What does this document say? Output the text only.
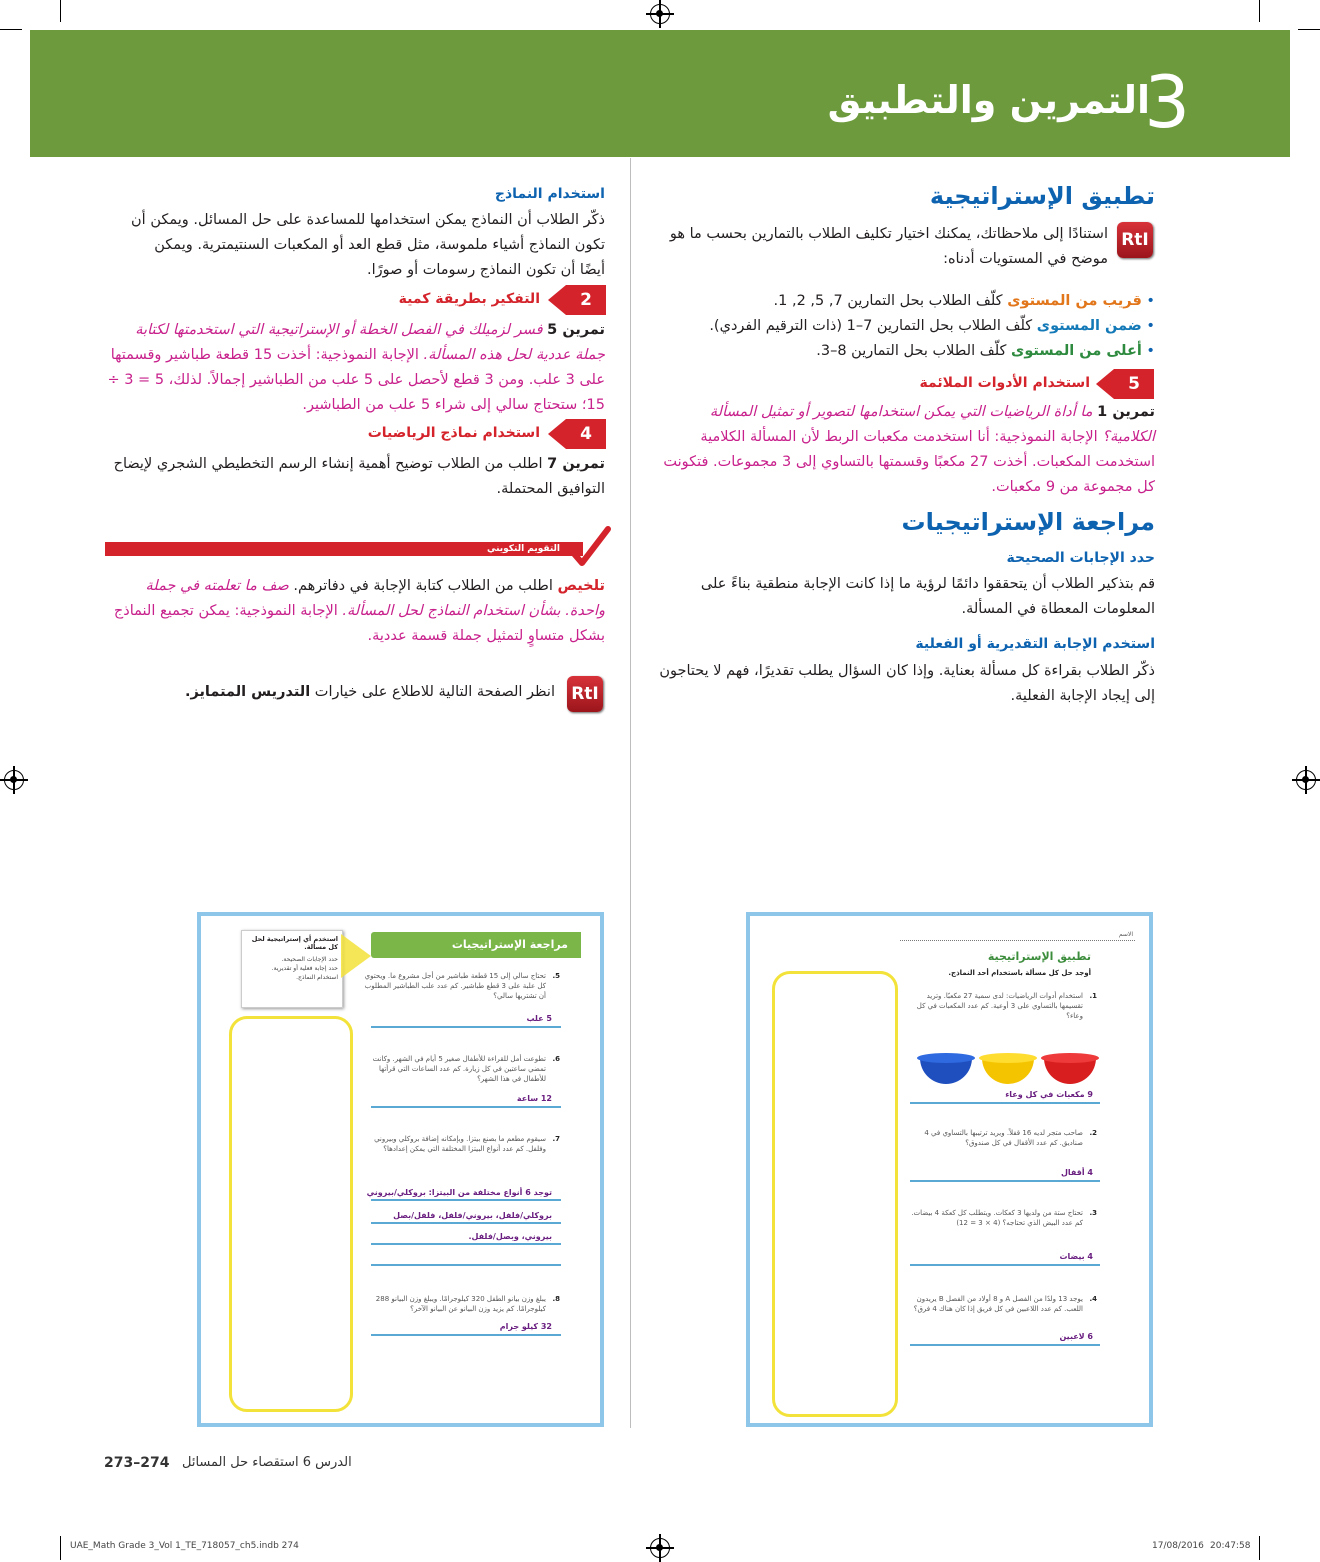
3
التمرين والتطبيق
تطبيق الإستراتيجية
RtI
استنادًا إلى ملاحظاتك، يمكنك اختيار تكليف الطلاب بالتمارين بحسب ما هو موضح في المستويات أدناه:
• قريب من المستوى كلّف الطلاب بحل التمارين 7, 5, 2, 1.
• ضمن المستوى كلّف الطلاب بحل التمارين 7–1 (ذات الترقيم الفردي).
• أعلى من المستوى كلّف الطلاب بحل التمارين 8–3.
5
استخدام الأدوات الملائمة
تمرين 1 ما أداة الرياضيات التي يمكن استخدامها لتصوير أو تمثيل المسألة الكلامية؟ الإجابة النموذجية: أنا استخدمت مكعبات الربط لأن المسألة الكلامية استخدمت المكعبات. أخذت 27 مكعبًا وقسمتها بالتساوي إلى 3 مجموعات. فتكونت كل مجموعة من 9 مكعبات.
مراجعة الإستراتيجيات
حدد الإجابات الصحيحة
قم بتذكير الطلاب أن يتحققوا دائمًا لرؤية ما إذا كانت الإجابة منطقية بناءً على المعلومات المعطاة في المسألة.
استخدم الإجابة التقديرية أو الفعلية
ذكّر الطلاب بقراءة كل مسألة بعناية. وإذا كان السؤال يطلب تقديرًا، فهم لا يحتاجون إلى إيجاد الإجابة الفعلية.
استخدام النماذج
ذكّر الطلاب أن النماذج يمكن استخدامها للمساعدة على حل المسائل. ويمكن أن تكون النماذج أشياء ملموسة، مثل قطع العد أو المكعبات السنتيمترية. ويمكن أيضًا أن تكون النماذج رسومات أو صورًا.
2
التفكير بطريقة كمية
تمرين 5 فسر لزميلك في الفصل الخطة أو الإستراتيجية التي استخدمتها لكتابة جملة عددية لحل هذه المسألة. الإجابة النموذجية: أخذت 15 قطعة طباشير وقسمتها على 3 علب. ومن 3 قطع لأحصل على 5 علب من الطباشير إجمالاً. لذلك، 5 = 3 ÷ 15؛ ستحتاج سالي إلى شراء 5 علب من الطباشير.
4
استخدام نماذج الرياضيات
تمرين 7 اطلب من الطلاب توضيح أهمية إنشاء الرسم التخطيطي الشجري لإيضاح التوافيق المحتملة.
التقويم التكويني
تلخيص اطلب من الطلاب كتابة الإجابة في دفاترهم. صف ما تعلمته في جملة واحدة. بشأن استخدام النماذج لحل المسألة. الإجابة النموذجية: يمكن تجميع النماذج بشكل متساوٍ لتمثيل جملة قسمة عددية.
RtI
انظر الصفحة التالية للاطلاع على خيارات التدريس المتمايز.
مراجعة الإستراتيجيات
استخدم أي إستراتيجية لحل كل مسألة.
حدد الإجابات الصحيحة.
حدد إجابة فعلية أو تقديرية.
استخدام النماذج.	5.
تحتاج سالي إلى 15 قطعة طباشير من أجل مشروع ما. ويحتوي كل علبة على 3 قطع طباشير. كم عدد علب الطباشير المطلوب أن تشتريها سالي؟
5 علب
6.
تطوعت أمل للقراءة للأطفال صغير 5 أيام في الشهر. وكانت تمضي ساعتين في كل زيارة. كم عدد الساعات التي قرأتها للأطفال في هذا الشهر؟
12 ساعة
7.
سيقوم مطعم ما بصنع بيتزا. وبإمكانه إضافة بروكلي وبيروني وفلفل. كم عدد أنواع البيتزا المختلفة التي يمكن إعدادها؟
توجد 6 أنواع مختلفة من البيتزا: بروكلي/بيروني
بروكلي/فلفل، بيروني/فلفل، فلفل/بصل
بيروني، وبصل/فلفل.
8.
يبلغ وزن بيانو الطفل 320 كيلوجرامًا. ويبلغ وزن البيانو 288 كيلوجرامًا. كم يزيد وزن البيانو عن البيانو الآخر؟
32 كيلو جرام
الاسم
تطبيق الإستراتيجية
أوجد حل كل مسألة باستخدام أحد النماذج.
1.
استخدام أدوات الرياضيات: لدى سمية 27 مكعبًا. وتريد تقسيمها بالتساوي على 3 أوعية. كم عدد المكعبات في كل وعاء؟
9 مكعبات في كل وعاء
2.
صاحب متجر لديه 16 قفلاً. ويريد ترتيبها بالتساوي في 4 صناديق. كم عدد الأقفال في كل صندوق؟
4 أقفال
3.
تحتاج ستة من ولديها 3 كعكات. ويتطلب كل كعكة 4 بيضات. كم عدد البيض الذي تحتاجه؟ (4 × 3 = 12)
4 بيضات
4.
يوجد 13 ولدًا من الفصل A و 8 أولاد من الفصل B يريدون اللعب. كم عدد اللاعبين في كل فريق إذا كان هناك 4 فرق؟
6 لاعبين
273–274 الدرس 6 استقصاء حل المسائل
UAE_Math Grade 3_Vol 1_TE_718057_ch5.indb 274	17/08/2016 20:47:58
